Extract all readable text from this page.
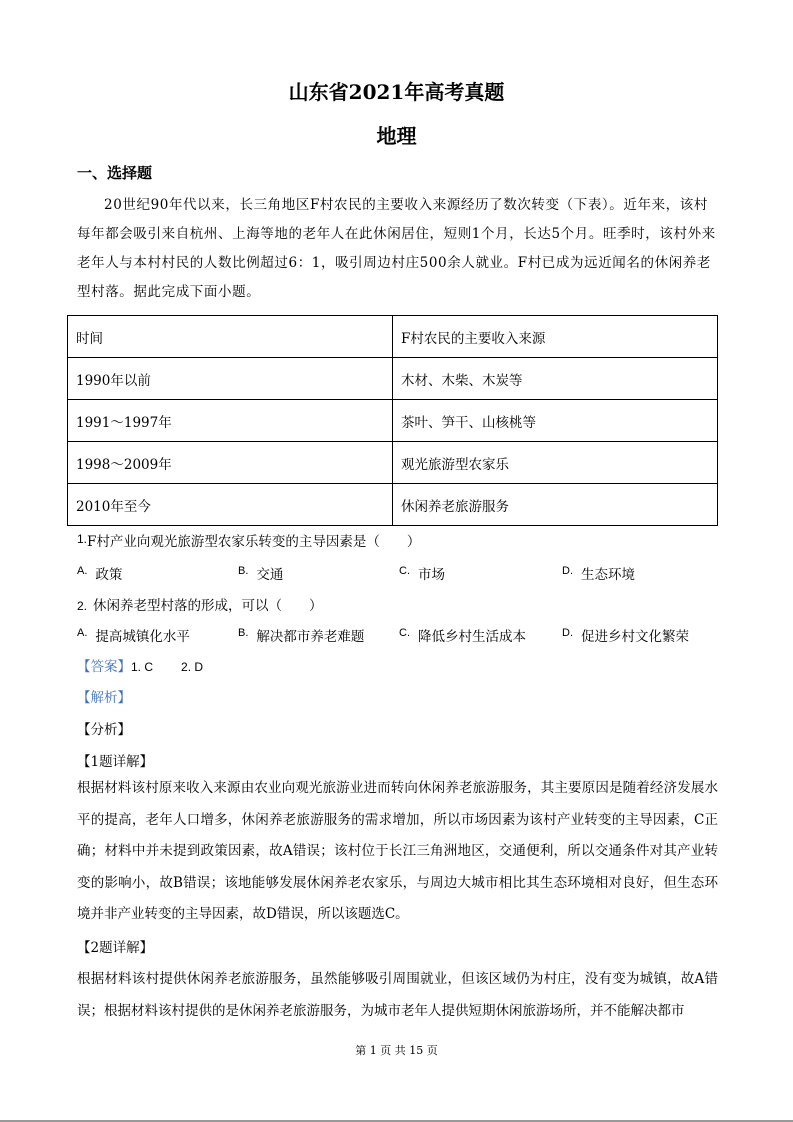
山东省2021年高考真题
地理
一、选择题
20世纪90年代以来，长三角地区F村农民的主要收入来源经历了数次转变（下表）。近年来，该村每年都会吸引来自杭州、上海等地的老年人在此休闲居住，短则1个月，长达5个月。旺季时，该村外来老年人与本村村民的人数比例超过6：1，吸引周边村庄500余人就业。F村已成为远近闻名的休闲养老型村落。据此完成下面小题。
时间	F村农民的主要收入来源
1990年以前	木材、木柴、木炭等
1991～1997年	茶叶、笋干、山核桃等
1998～2009年	观光旅游型农家乐
2010年至今	休闲养老旅游服务
1.F村产业向观光旅游型农家乐转变的主导因素是（　　）
$^{A.}$ 政策	$^{B.}$ 交通	$^{C.}$ 市场	$^{D.}$ 生态环境
2. 休闲养老型村落的形成，可以（　　）
$^{A.}$ 提高城镇化水平	$^{B.}$ 解决都市养老难题	$^{C.}$ 降低乡村生活成本	$^{D.}$ 促进乡村文化繁荣
【答案】1. C 2. D
【解析】
【分析】
【1题详解】
根据材料该村原来收入来源由农业向观光旅游业进而转向休闲养老旅游服务，其主要原因是随着经济发展水平的提高，老年人口增多，休闲养老旅游服务的需求增加，所以市场因素为该村产业转变的主导因素，C正确；材料中并未提到政策因素，故A错误；该村位于长江三角洲地区，交通便利，所以交通条件对其产业转变的影响小，故B错误；该地能够发展休闲养老农家乐，与周边大城市相比其生态环境相对良好，但生态环境并非产业转变的主导因素，故D错误，所以该题选C。
【2题详解】
根据材料该村提供休闲养老旅游服务，虽然能够吸引周围就业，但该区域仍为村庄，没有变为城镇，故A错误；根据材料该村提供的是休闲养老旅游服务，为城市老年人提供短期休闲旅游场所，并不能解决都市
第 1 页 共 15 页
